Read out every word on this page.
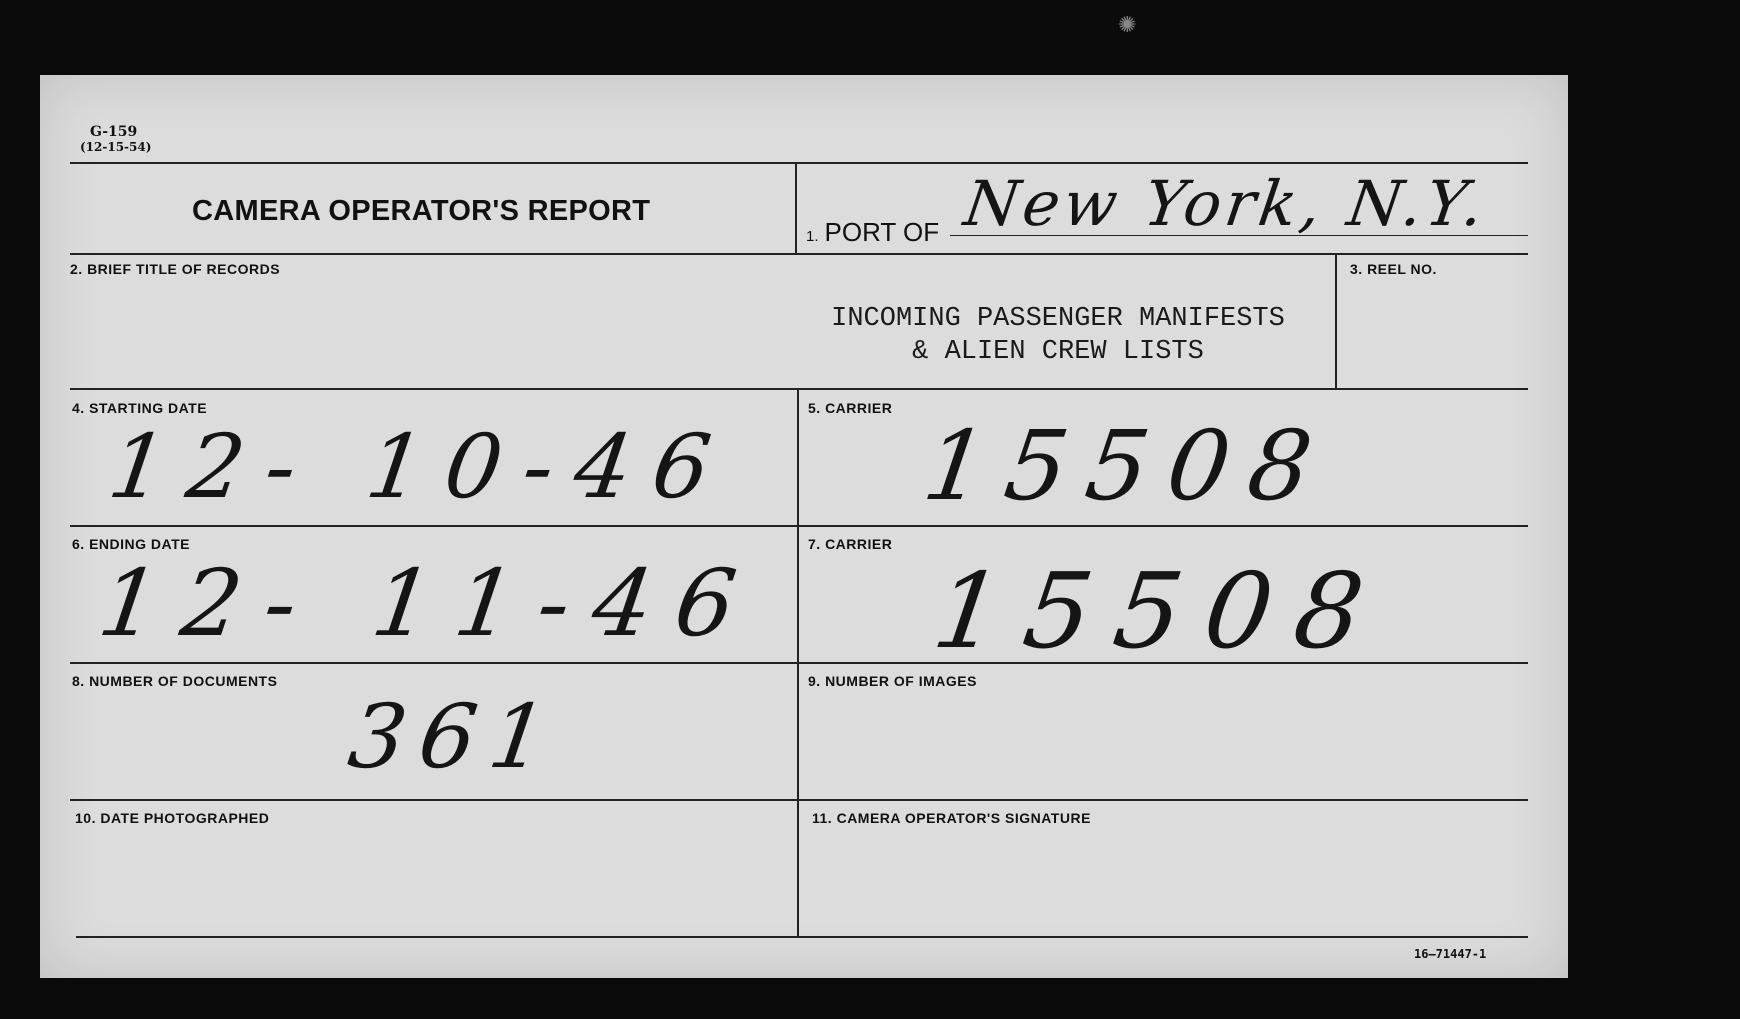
✺
G-159
(12-15-54)
CAMERA OPERATOR'S REPORT
1. PORT OF New York, N.Y.
2. BRIEF TITLE OF RECORDS
INCOMING PASSENGER MANIFESTS
& ALIEN CREW LISTS
3. REEL NO.
4. STARTING DATE
12- 10-46
5. CARRIER
15508
6. ENDING DATE
12- 11-46
7. CARRIER
15508
8. NUMBER OF DOCUMENTS
361
9. NUMBER OF IMAGES
10. DATE PHOTOGRAPHED	11. CAMERA OPERATOR'S SIGNATURE
16—71447-1
